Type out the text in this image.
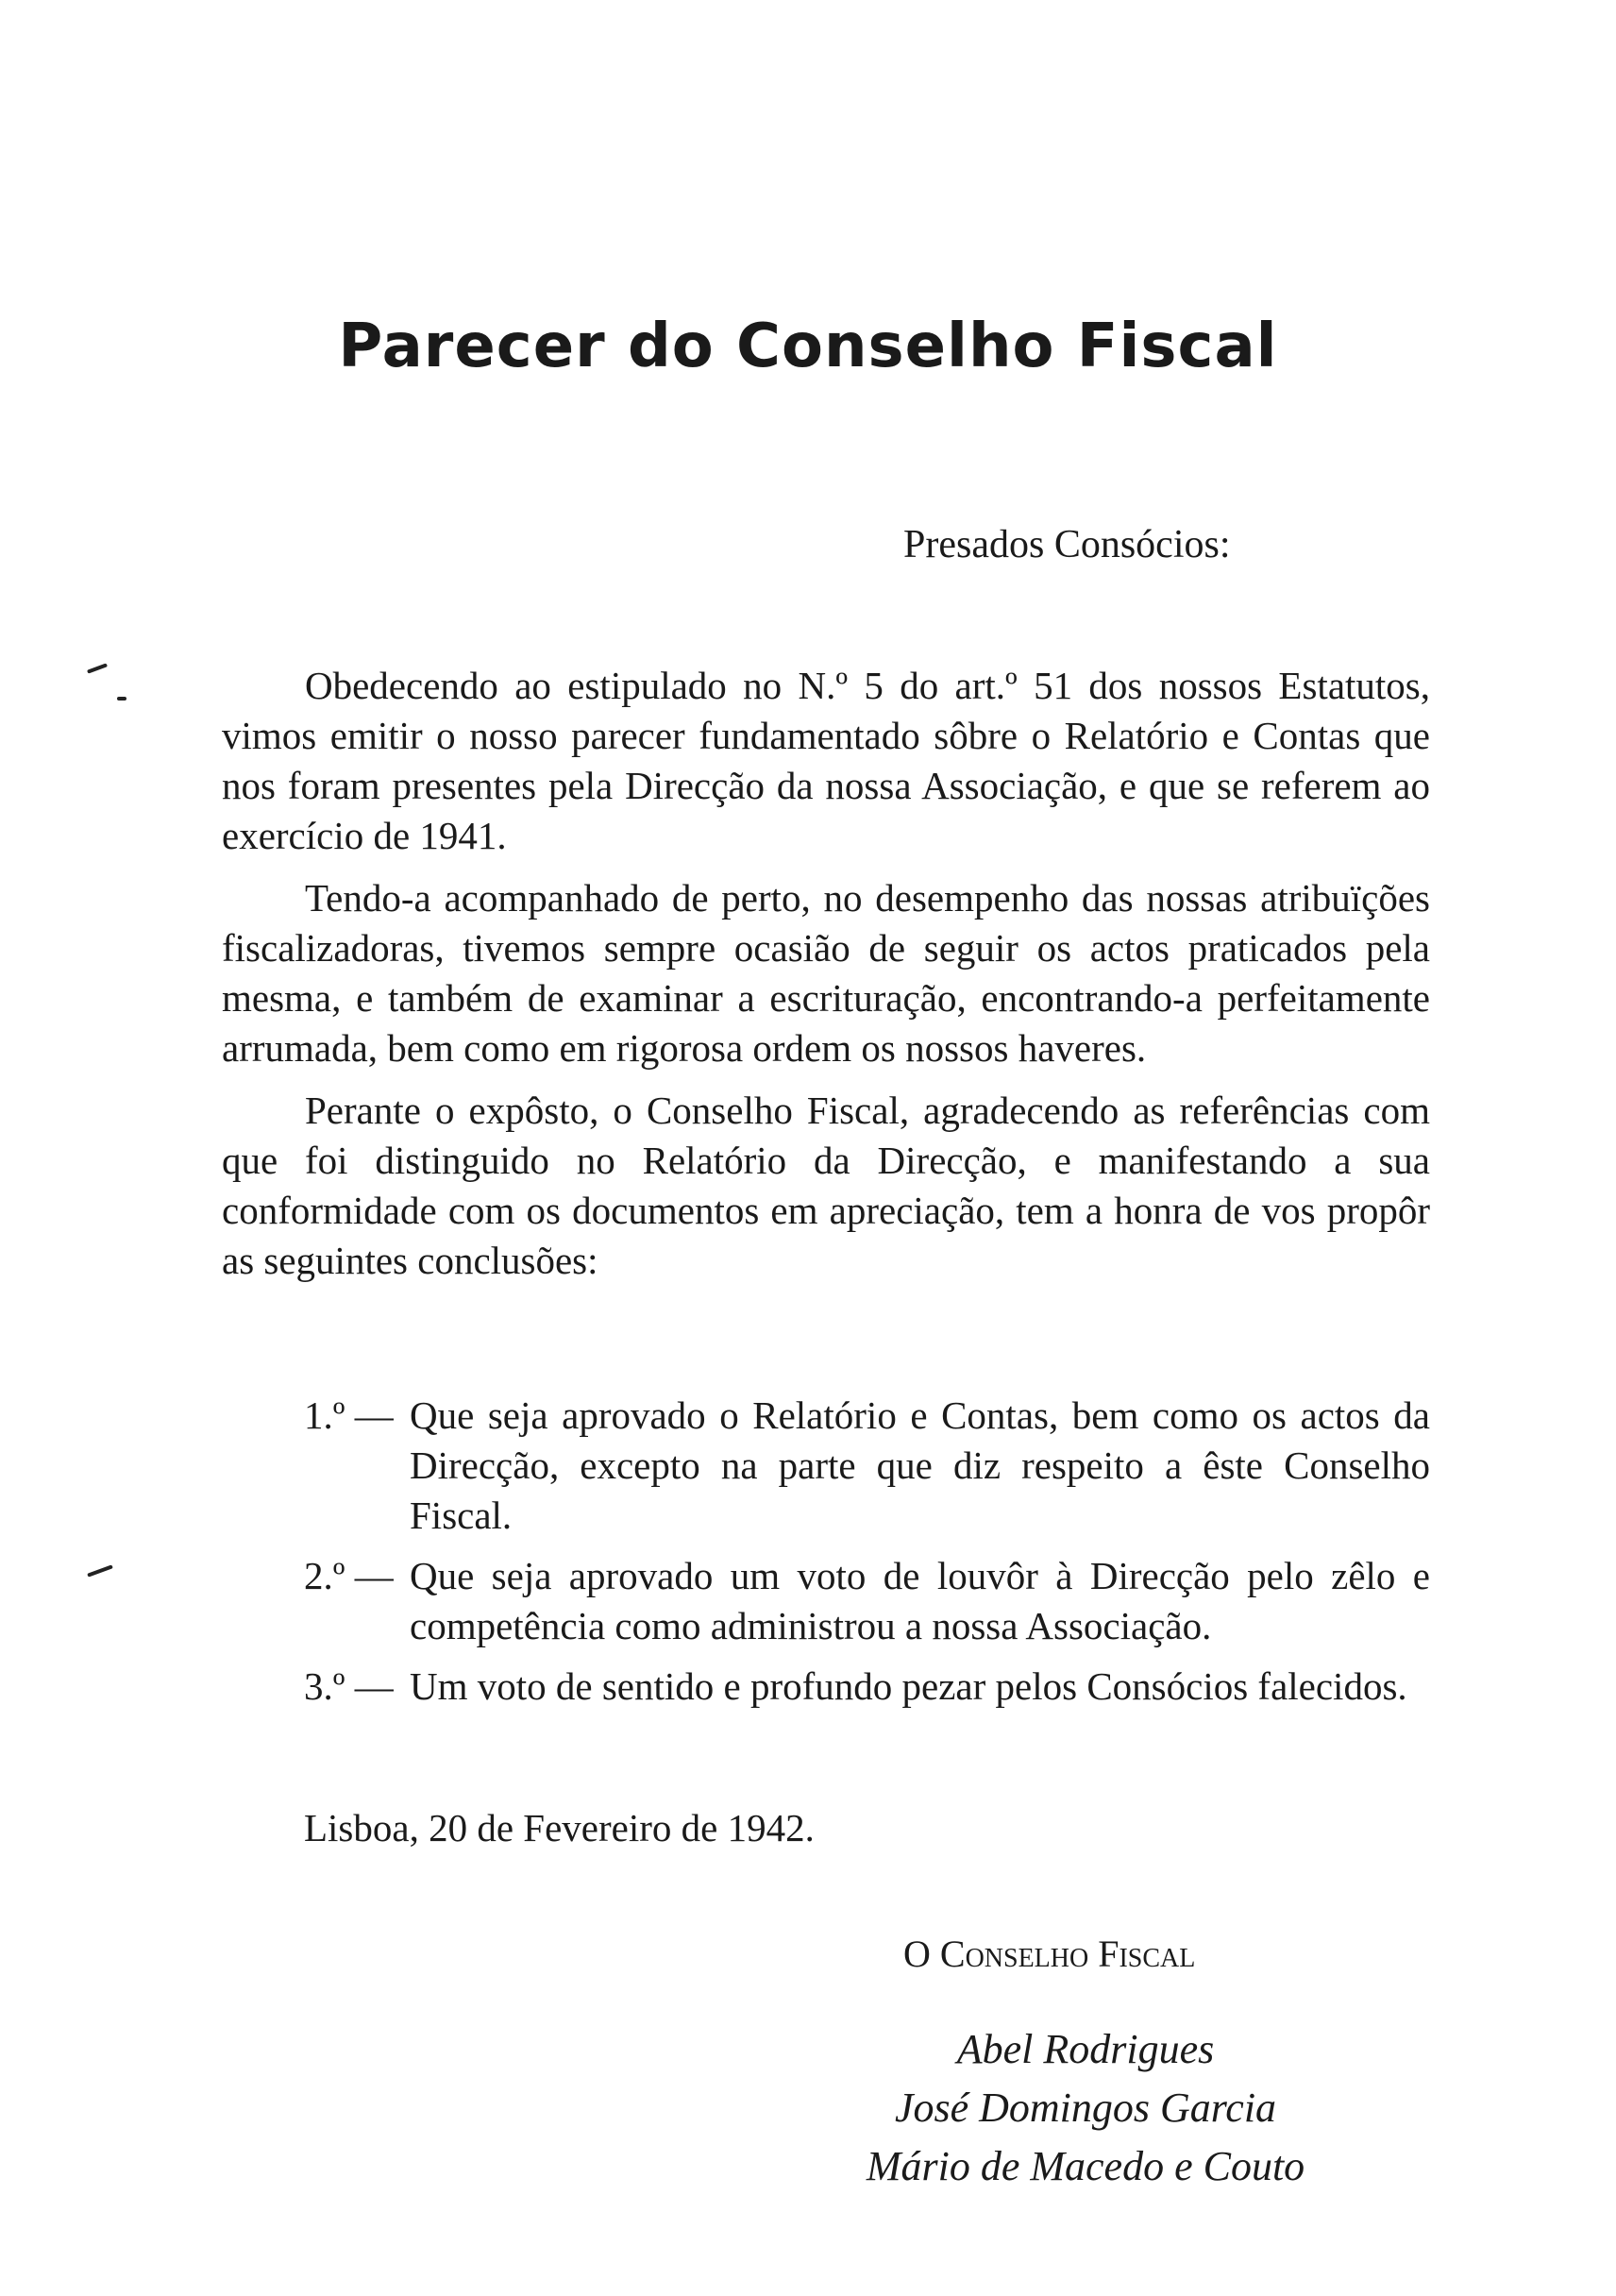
Parecer do Conselho Fiscal

Presados Consócios:

Obedecendo ao estipulado no N.º 5 do art.º 51 dos nossos Estatutos, vimos emitir o nosso parecer fundamentado sôbre o Relatório e Contas que nos foram presentes pela Direcção da nossa Associação, e que se referem ao exercício de 1941.

Tendo-a acompanhado de perto, no desempenho das nossas atribuïções fiscalizadoras, tivemos sempre ocasião de seguir os actos praticados pela mesma, e também de examinar a escrituração, encontrando-a perfeitamente arrumada, bem como em rigorosa ordem os nossos haveres.

Perante o expôsto, o Conselho Fiscal, agradecendo as referências com que foi distinguido no Relatório da Direcção, e manifestando a sua conformidade com os documentos em apreciação, tem a honra de vos propôr as seguintes conclusões:

1.º — Que seja aprovado o Relatório e Contas, bem como os actos da Direcção, excepto na parte que diz respeito a êste Conselho Fiscal.
2.º — Que seja aprovado um voto de louvôr à Direcção pelo zêlo e competência como administrou a nossa Associação.
3.º — Um voto de sentido e profundo pezar pelos Consócios falecidos.

Lisboa, 20 de Fevereiro de 1942.

O Conselho Fiscal

Abel Rodrigues
José Domingos Garcia
Mário de Macedo e Couto
